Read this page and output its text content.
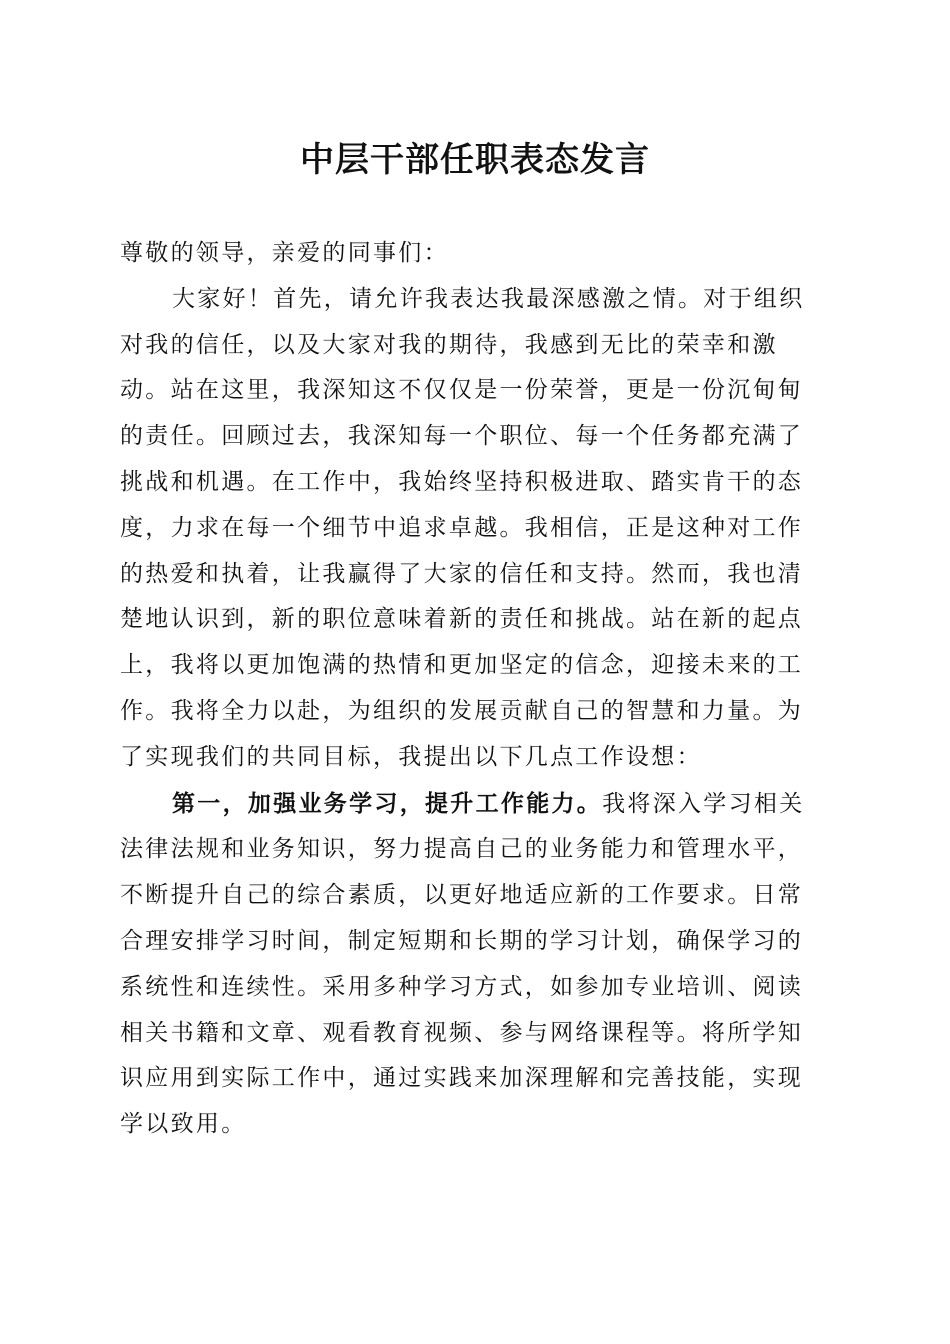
中层干部任职表态发言

尊敬的领导，亲爱的同事们：

大家好！首先，请允许我表达我最深感激之情。对于组织对我的信任，以及大家对我的期待，我感到无比的荣幸和激动。站在这里，我深知这不仅仅是一份荣誉，更是一份沉甸甸的责任。回顾过去，我深知每一个职位、每一个任务都充满了挑战和机遇。在工作中，我始终坚持积极进取、踏实肯干的态度，力求在每一个细节中追求卓越。我相信，正是这种对工作的热爱和执着，让我赢得了大家的信任和支持。然而，我也清楚地认识到，新的职位意味着新的责任和挑战。站在新的起点上，我将以更加饱满的热情和更加坚定的信念，迎接未来的工作。我将全力以赴，为组织的发展贡献自己的智慧和力量。为了实现我们的共同目标，我提出以下几点工作设想：

第一，加强业务学习，提升工作能力。我将深入学习相关法律法规和业务知识，努力提高自己的业务能力和管理水平，不断提升自己的综合素质，以更好地适应新的工作要求。日常合理安排学习时间，制定短期和长期的学习计划，确保学习的系统性和连续性。采用多种学习方式，如参加专业培训、阅读相关书籍和文章、观看教育视频、参与网络课程等。将所学知识应用到实际工作中，通过实践来加深理解和完善技能，实现学以致用。
